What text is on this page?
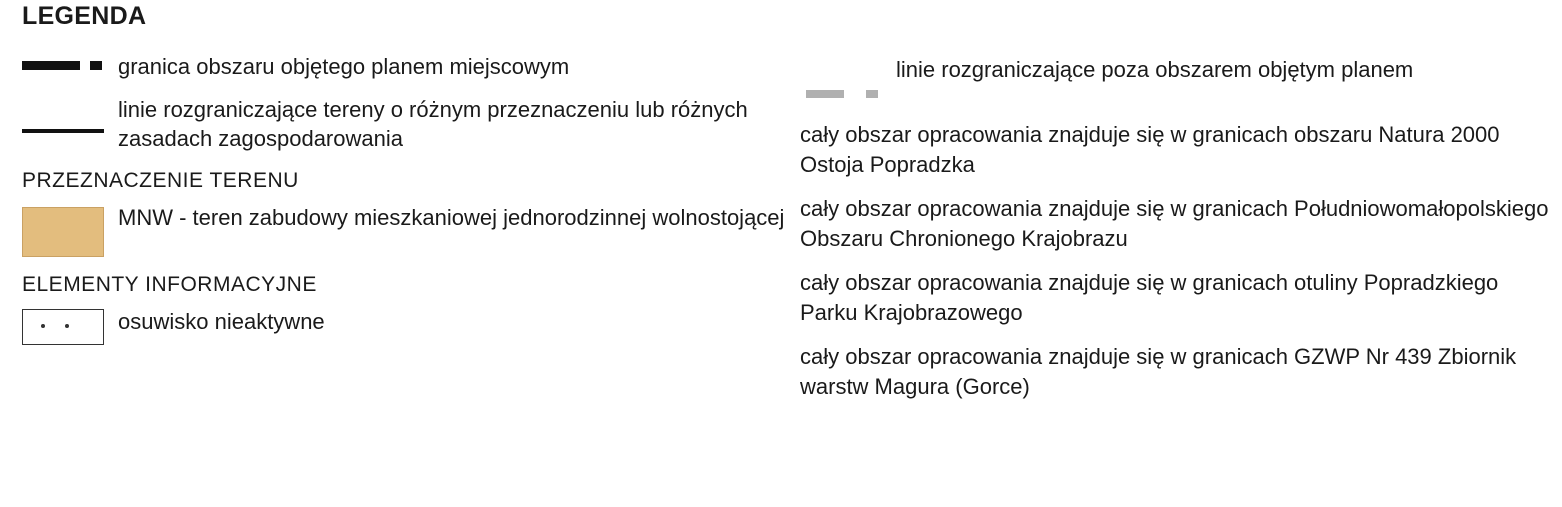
LEGENDA
granica obszaru objętego planem miejscowym
linie rozgraniczające tereny o różnym przeznaczeniu lub różnych zasadach zagospodarowania
PRZEZNACZENIE TERENU
MNW - teren zabudowy mieszkaniowej jednorodzinnej wolnostojącej
ELEMENTY INFORMACYJNE
osuwisko nieaktywne
linie rozgraniczające poza obszarem objętym planem
cały obszar opracowania znajduje się w granicach obszaru Natura 2000 Ostoja Popradzka
cały obszar opracowania znajduje się w granicach Południowomałopolskiego Obszaru Chronionego Krajobrazu
cały obszar opracowania znajduje się w granicach otuliny Popradzkiego Parku Krajobrazowego
cały obszar opracowania znajduje się w granicach GZWP Nr 439 Zbiornik warstw Magura (Gorce)
